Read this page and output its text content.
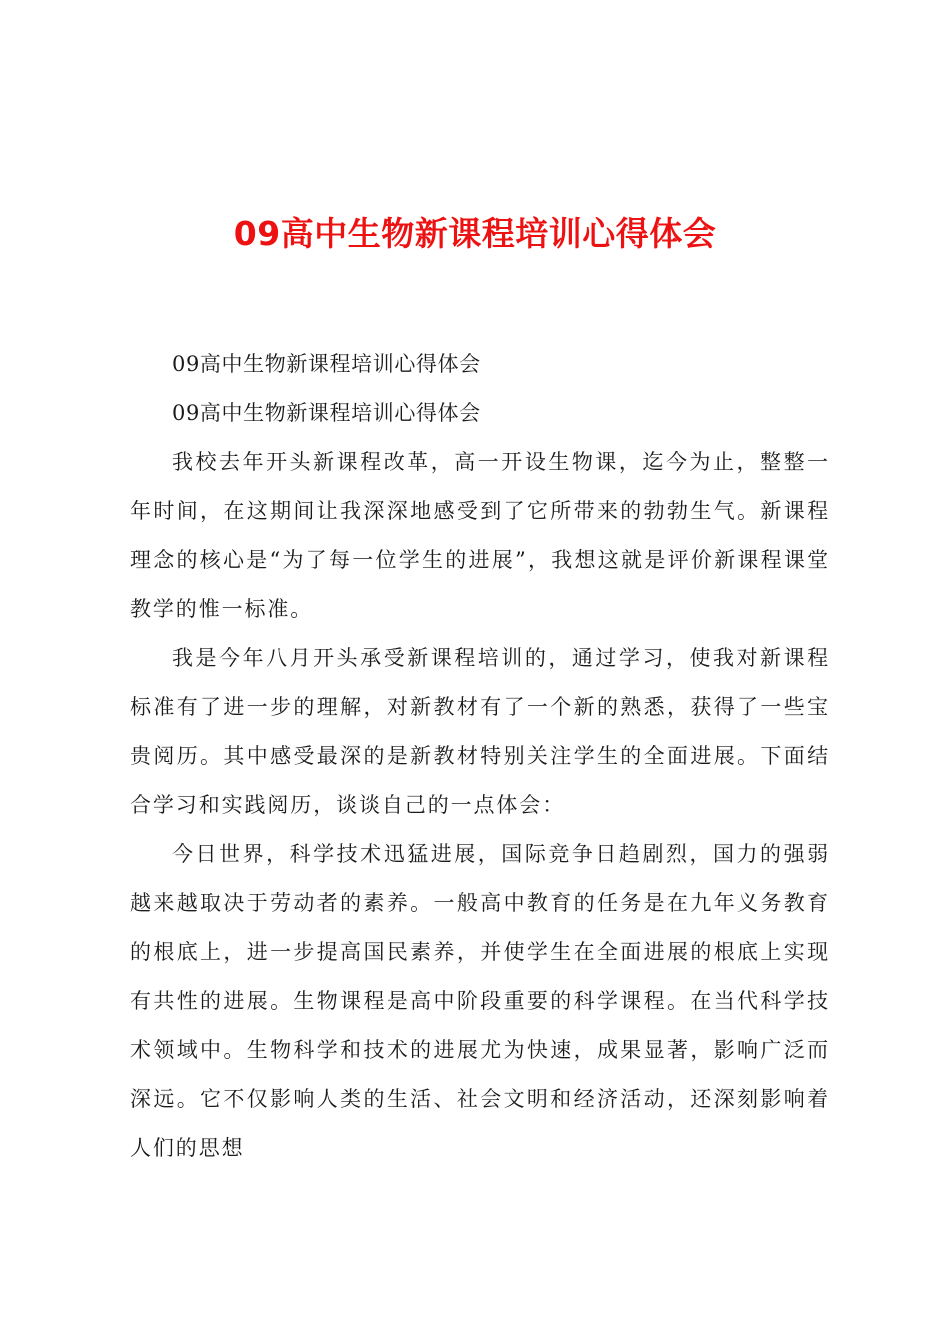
09高中生物新课程培训心得体会

09高中生物新课程培训心得体会

09高中生物新课程培训心得体会

我校去年开头新课程改革，高一开设生物课，迄今为止，整整一年时间，在这期间让我深深地感受到了它所带来的勃勃生气。新课程理念的核心是“为了每一位学生的进展”，我想这就是评价新课程课堂教学的惟一标准。

我是今年八月开头承受新课程培训的，通过学习，使我对新课程标准有了进一步的理解，对新教材有了一个新的熟悉，获得了一些宝贵阅历。其中感受最深的是新教材特别关注学生的全面进展。下面结合学习和实践阅历，谈谈自己的一点体会：

今日世界，科学技术迅猛进展，国际竞争日趋剧烈，国力的强弱越来越取决于劳动者的素养。一般高中教育的任务是在九年义务教育的根底上，进一步提高国民素养，并使学生在全面进展的根底上实现有共性的进展。生物课程是高中阶段重要的科学课程。在当代科学技术领域中。生物科学和技术的进展尤为快速，成果显著，影响广泛而深远。它不仅影响人类的生活、社会文明和经济活动，还深刻影响着人们的思想
